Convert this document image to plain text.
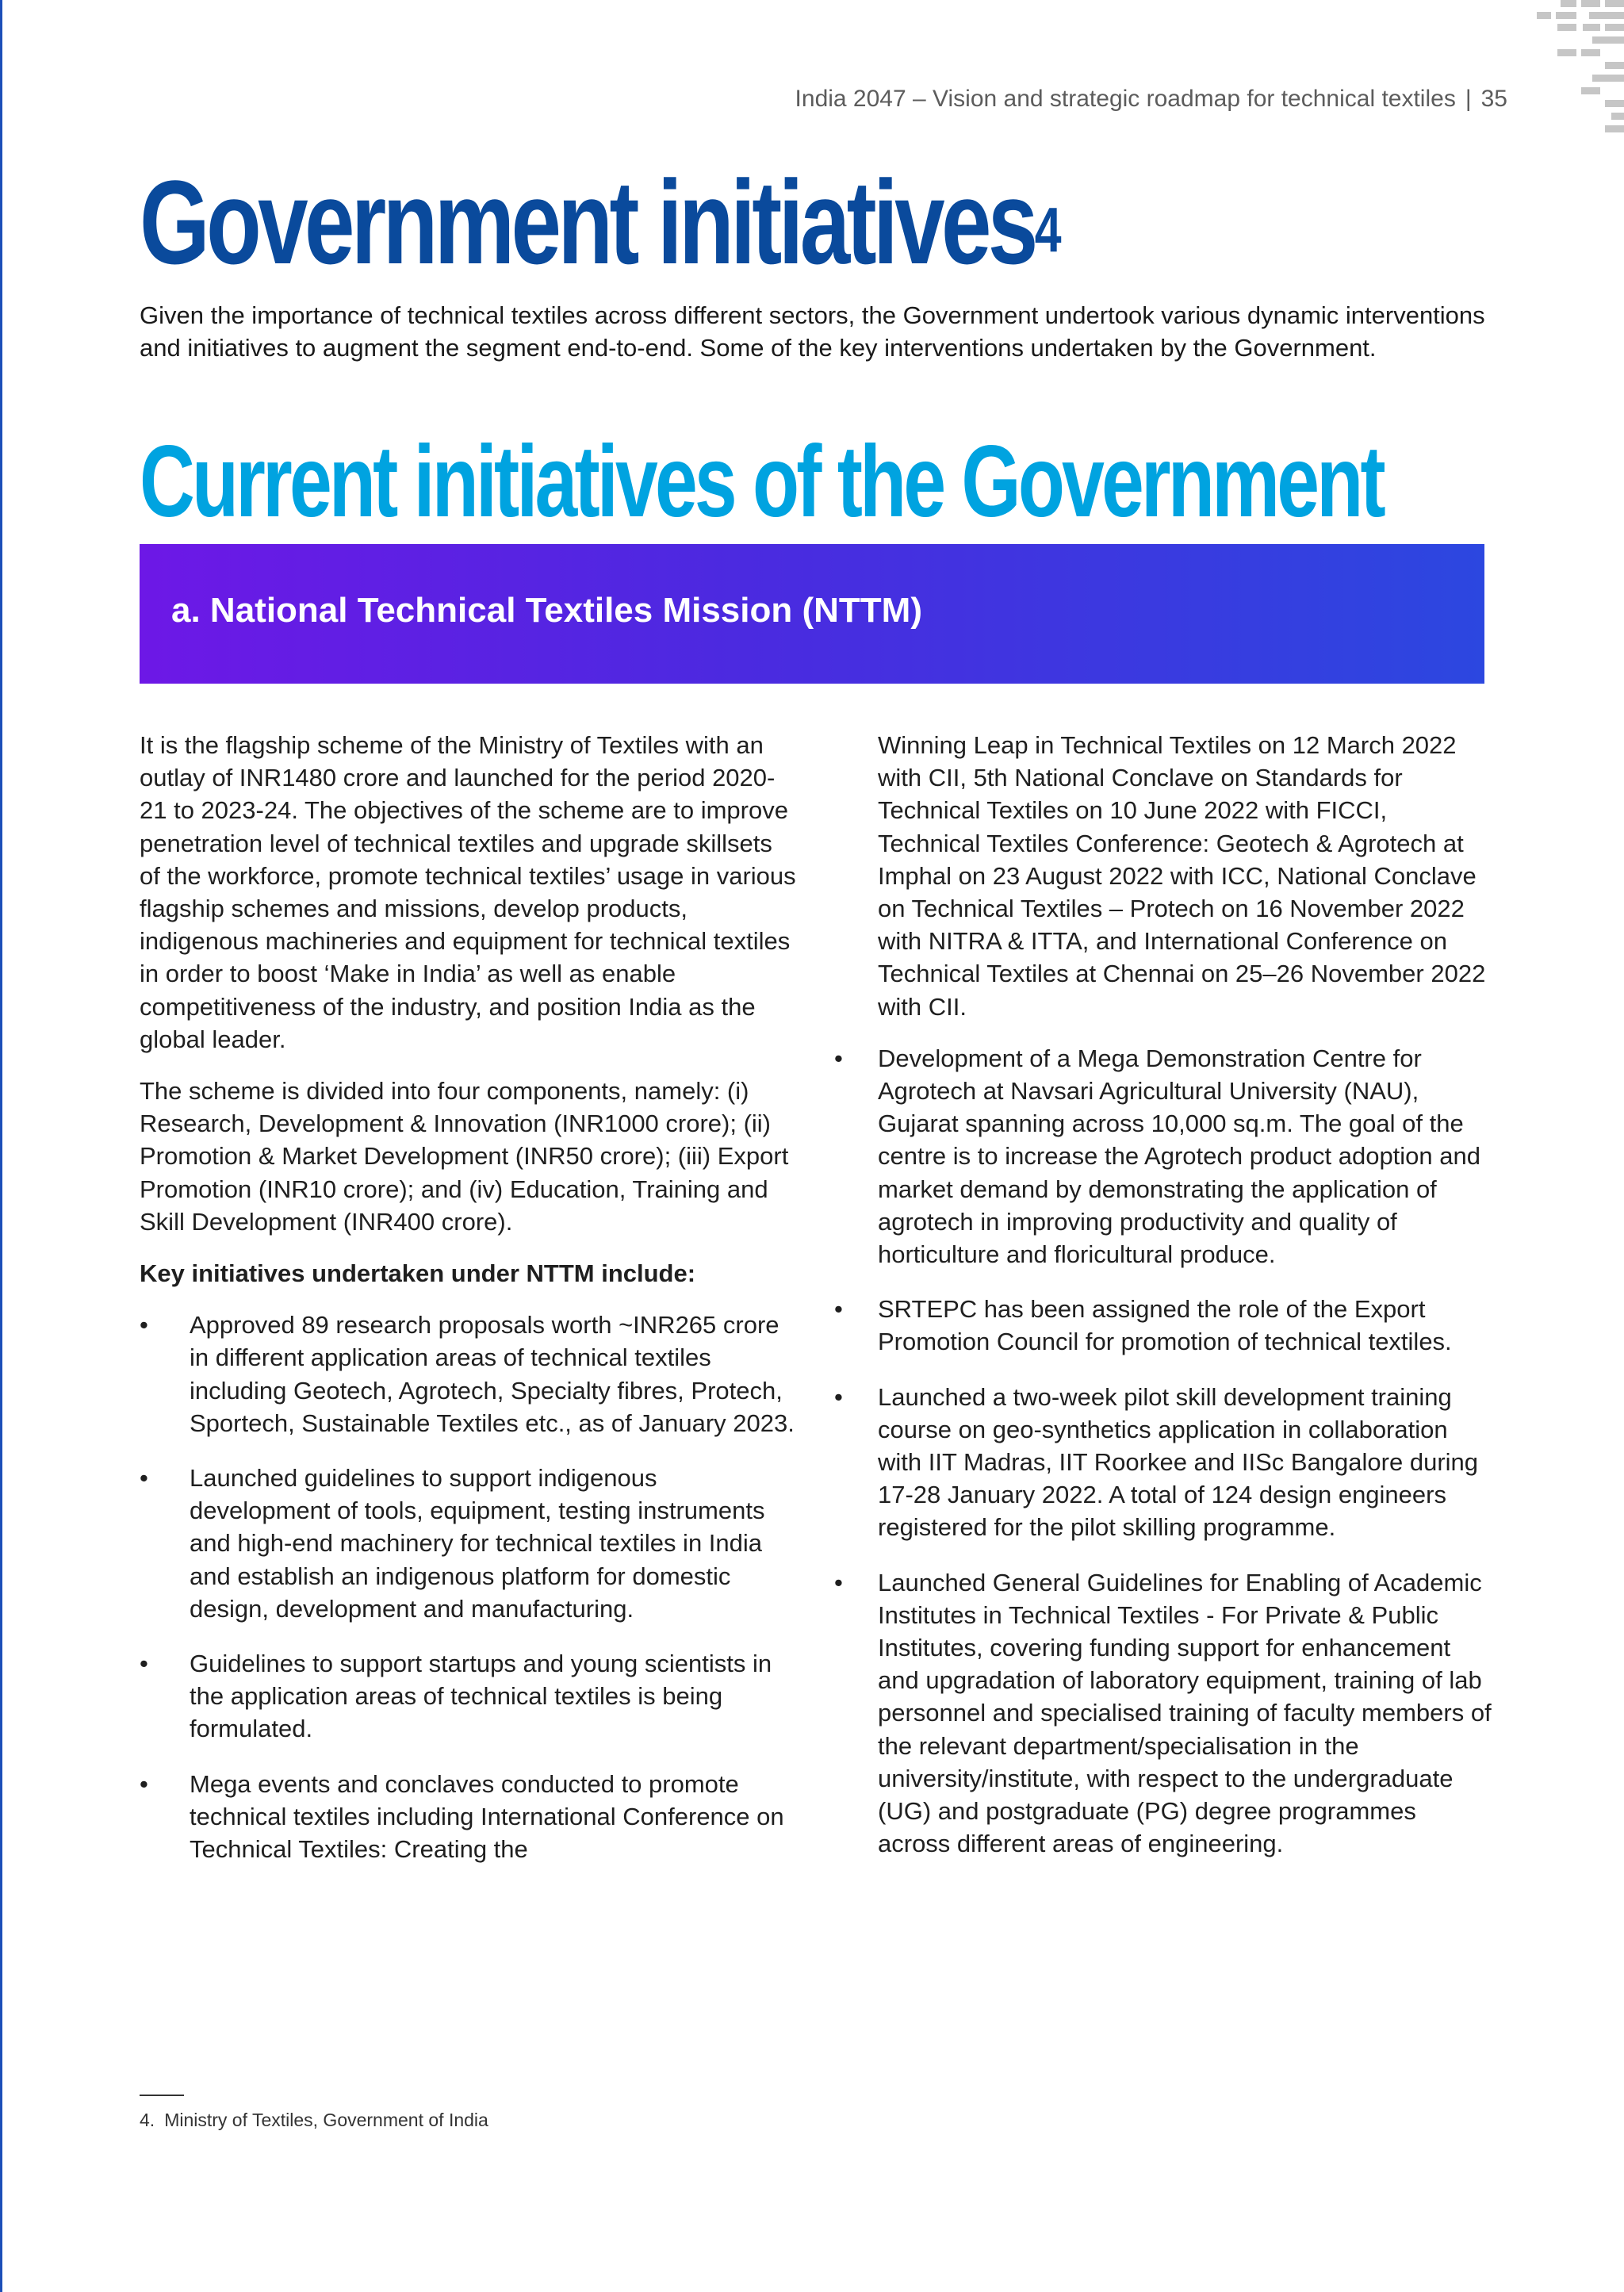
India 2047 – Vision and strategic roadmap for technical textiles | 35
Government initiatives$^4$

Given the importance of technical textiles across different sectors, the Government undertook various dynamic interventions and initiatives to augment the segment end-to-end. Some of the key interventions undertaken by the Government.

Current initiatives of the Government
a. National Technical Textiles Mission (NTTM)

It is the flagship scheme of the Ministry of Textiles with an outlay of INR1480 crore and launched for the period 2020-21 to 2023-24. The objectives of the scheme are to improve penetration level of technical textiles and upgrade skillsets of the workforce, promote technical textiles’ usage in various flagship schemes and missions, develop products, indigenous machineries and equipment for technical textiles in order to boost ‘Make in India’ as well as enable competitiveness of the industry, and position India as the global leader.

The scheme is divided into four components, namely: (i) Research, Development & Innovation (INR1000 crore); (ii) Promotion & Market Development (INR50 crore); (iii) Export Promotion (INR10 crore); and (iv) Education, Training and Skill Development (INR400 crore).

Key initiatives undertaken under NTTM include:

• Approved 89 research proposals worth ~INR265 crore in different application areas of technical textiles including Geotech, Agrotech, Specialty fibres, Protech, Sportech, Sustainable Textiles etc., as of January 2023.
• Launched guidelines to support indigenous development of tools, equipment, testing instruments and high-end machinery for technical textiles in India and establish an indigenous platform for domestic design, development and manufacturing.
• Guidelines to support startups and young scientists in the application areas of technical textiles is being formulated.
• Mega events and conclaves conducted to promote technical textiles including International Conference on Technical Textiles: Creating the

Winning Leap in Technical Textiles on 12 March 2022 with CII, 5th National Conclave on Standards for Technical Textiles on 10 June 2022 with FICCI, Technical Textiles Conference: Geotech & Agrotech at Imphal on 23 August 2022 with ICC, National Conclave on Technical Textiles – Protech on 16 November 2022 with NITRA & ITTA, and International Conference on Technical Textiles at Chennai on 25–26 November 2022 with CII.

• Development of a Mega Demonstration Centre for Agrotech at Navsari Agricultural University (NAU), Gujarat spanning across 10,000 sq.m. The goal of the centre is to increase the Agrotech product adoption and market demand by demonstrating the application of agrotech in improving productivity and quality of horticulture and floricultural produce.
• SRTEPC has been assigned the role of the Export Promotion Council for promotion of technical textiles.
• Launched a two-week pilot skill development training course on geo-synthetics application in collaboration with IIT Madras, IIT Roorkee and IISc Bangalore during 17-28 January 2022. A total of 124 design engineers registered for the pilot skilling programme.
• Launched General Guidelines for Enabling of Academic Institutes in Technical Textiles - For Private & Public Institutes, covering funding support for enhancement and upgradation of laboratory equipment, training of lab personnel and specialised training of faculty members of the relevant department/specialisation in the university/institute, with respect to the undergraduate (UG) and postgraduate (PG) degree programmes across different areas of engineering.
4. Ministry of Textiles, Government of India
